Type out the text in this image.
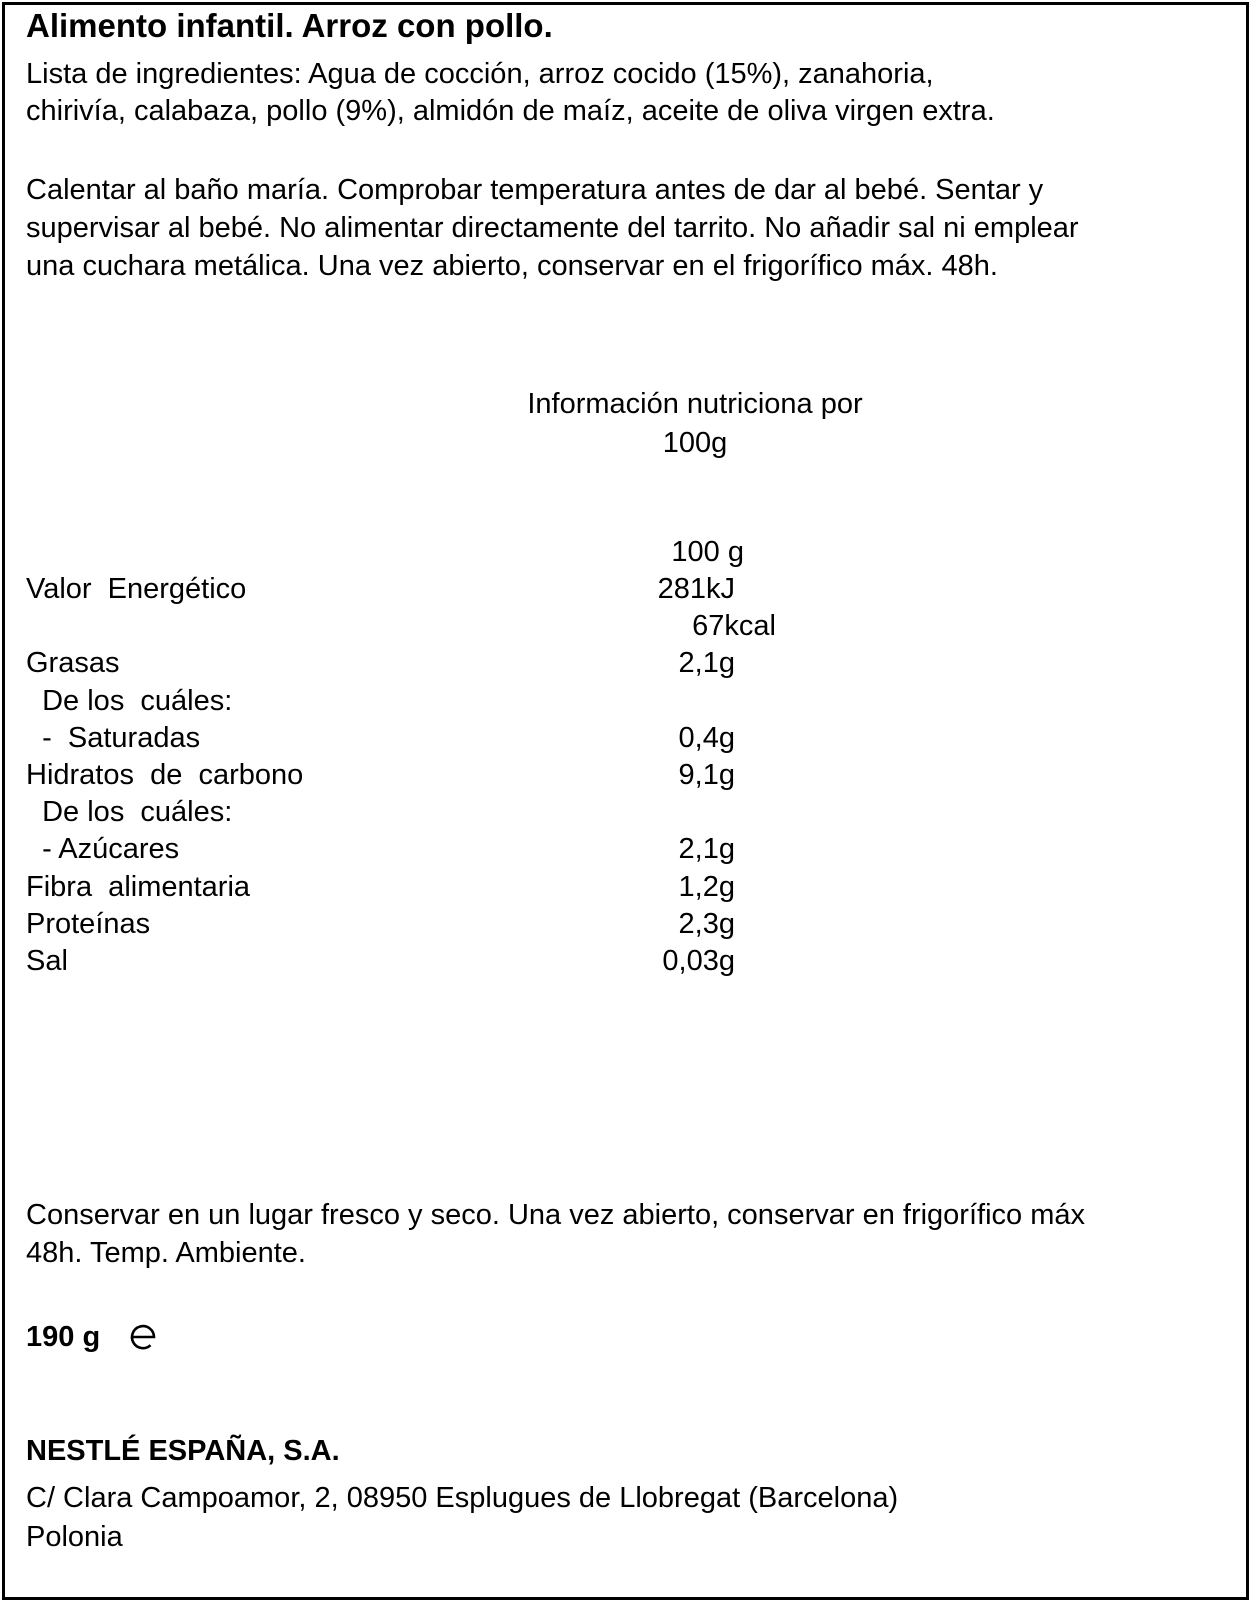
Alimento infantil. Arroz con pollo.
Lista de ingredientes: Agua de cocción, arroz cocido (15%), zanahoria,
chirivía, calabaza, pollo (9%), almidón de maíz, aceite de oliva virgen extra.
Calentar al baño maría. Comprobar temperatura antes de dar al bebé. Sentar y
supervisar al bebé. No alimentar directamente del tarrito. No añadir sal ni emplear
una cuchara metálica. Una vez abierto, conservar en el frigorífico máx. 48h.
Información nutriciona por
100g
100 g
Valor  Energético	281kJ
67kcal
Grasas	2,1g
De los  cuáles:
-  Saturadas	0,4g
Hidratos  de  carbono	9,1g
De los  cuáles:
- Azúcares	2,1g
Fibra  alimentaria	1,2g
Proteínas	2,3g
Sal	0,03g
Conservar en un lugar fresco y seco. Una vez abierto, conservar en frigorífico máx
48h. Temp. Ambiente.
190 g
NESTLÉ ESPAÑA, S.A.
C/ Clara Campoamor, 2, 08950 Esplugues de Llobregat (Barcelona)
Polonia
